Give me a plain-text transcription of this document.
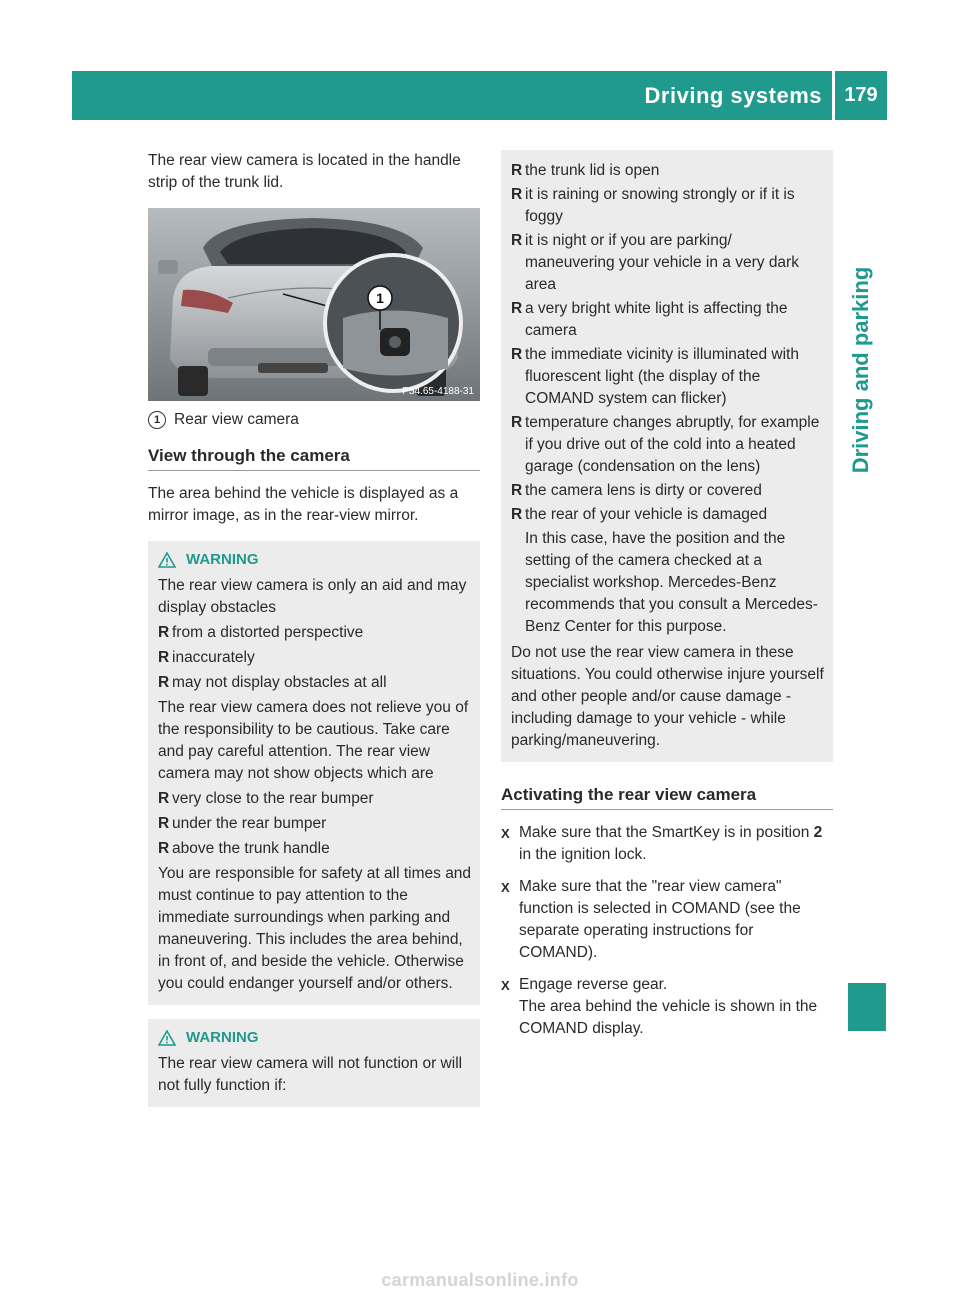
Driving systems	179
Driving and parking

The rear view camera is located in the handle strip of the trunk lid.

1
P54.65-4188-31
1 Rear view camera
View through the camera

The area behind the vehicle is displayed as a mirror image, as in the rear-view mirror.

WARNING

The rear view camera is only an aid and may display obstacles

R from a distorted perspective
R inaccurately
R may not display obstacles at all

The rear view camera does not relieve you of the responsibility to be cautious. Take care and pay careful attention. The rear view camera may not show objects which are

R very close to the rear bumper
R under the rear bumper
R above the trunk handle

You are responsible for safety at all times and must continue to pay attention to the immediate surroundings when parking and maneuvering. This includes the area behind, in front of, and beside the vehicle. Otherwise you could endanger yourself and/or others.

WARNING

The rear view camera will not function or will not fully function if:

R the trunk lid is open
R it is raining or snowing strongly or if it is foggy
R it is night or if you are parking/ maneuvering your vehicle in a very dark area
R a very bright white light is affecting the camera
R the immediate vicinity is illuminated with fluorescent light (the display of the COMAND system can flicker)
R temperature changes abruptly, for example if you drive out of the cold into a heated garage (condensation on the lens)
R the camera lens is dirty or covered
R the rear of your vehicle is damaged

In this case, have the position and the setting of the camera checked at a specialist workshop. Mercedes-Benz recommends that you consult a Mercedes-Benz Center for this purpose.

Do not use the rear view camera in these situations. You could otherwise injure yourself and other people and/or cause damage - including damage to your vehicle - while parking/maneuvering.

Activating the rear view camera
X Make sure that the SmartKey is in position 2 in the ignition lock.
X Make sure that the "rear view camera" function is selected in COMAND (see the separate operating instructions for COMAND).
X Engage reverse gear.
The area behind the vehicle is shown in the COMAND display.
carmanualsonline.info
